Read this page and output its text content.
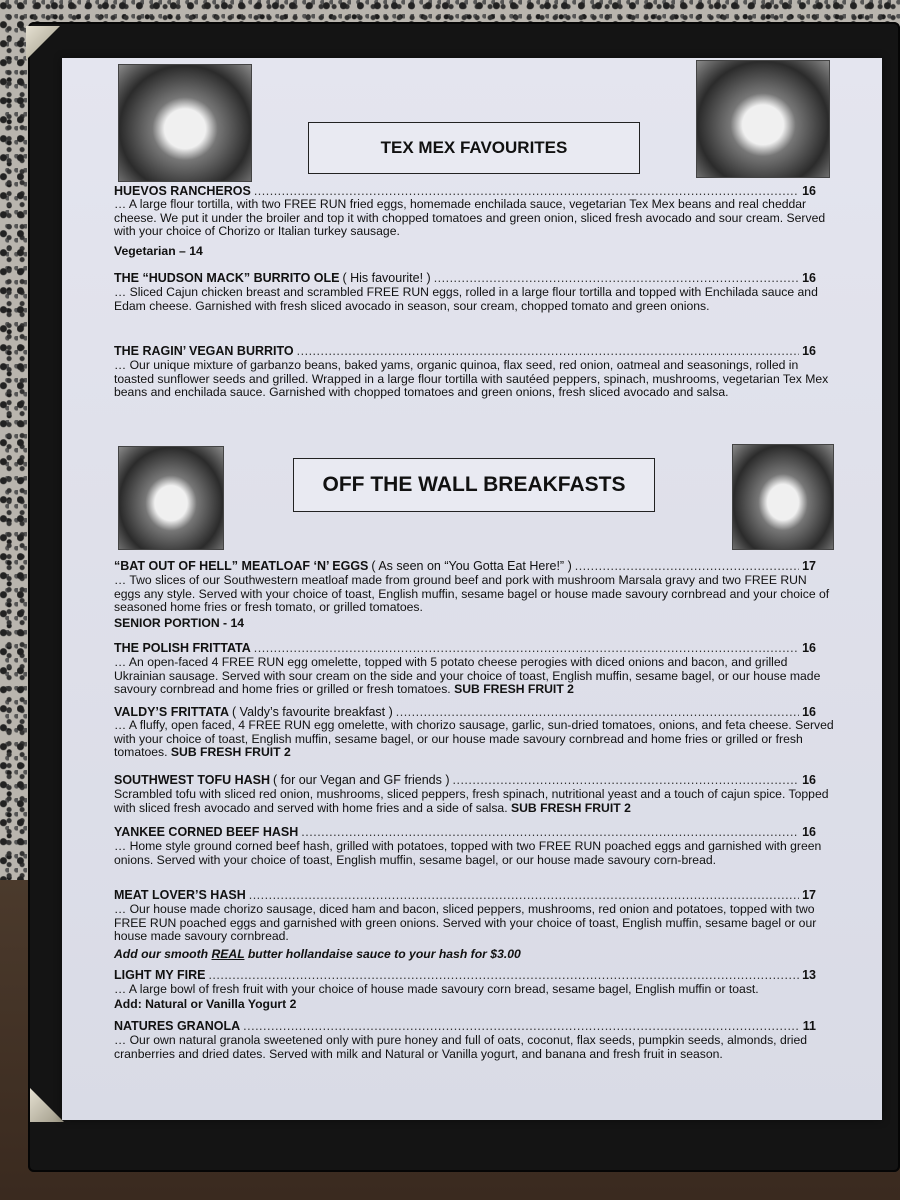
TEX MEX FAVOURITES
HUEVOS RANCHEROS .....	16
… A large flour tortilla, with two FREE RUN fried eggs, homemade enchilada sauce, vegetarian Tex Mex beans and real cheddar cheese. We put it under the broiler and top it with chopped tomatoes and green onion, sliced fresh avocado and sour cream. Served with your choice of Chorizo or Italian turkey sausage.
Vegetarian – 14
THE “HUDSON MACK” BURRITO OLE ( His favourite! ) .....	16
… Sliced Cajun chicken breast and scrambled FREE RUN eggs, rolled in a large flour tortilla and topped with Enchilada sauce and Edam cheese. Garnished with fresh sliced avocado in season, sour cream, chopped tomato and green onions.
THE RAGIN’ VEGAN BURRITO .....	16
… Our unique mixture of garbanzo beans, baked yams, organic quinoa, flax seed, red onion, oatmeal and seasonings, rolled in toasted sunflower seeds and grilled. Wrapped in a large flour tortilla with sautéed peppers, spinach, mushrooms, vegetarian Tex Mex beans and enchilada sauce. Garnished with chopped tomatoes and green onions, fresh sliced avocado and salsa.
OFF THE WALL BREAKFASTS
“BAT OUT OF HELL” MEATLOAF ‘N’ EGGS ( As seen on “You Gotta Eat Here!” ) .....	17
… Two slices of our Southwestern meatloaf made from ground beef and pork with mushroom Marsala gravy and two FREE RUN eggs any style. Served with your choice of toast, English muffin, sesame bagel or house made savoury cornbread and your choice of seasoned home fries or fresh tomato, or grilled tomatoes.
SENIOR PORTION - 14
THE POLISH FRITTATA .....	16
… An open-faced 4 FREE RUN egg omelette, topped with 5 potato cheese perogies with diced onions and bacon, and grilled Ukrainian sausage. Served with sour cream on the side and your choice of toast, English muffin, sesame bagel, or our house made savoury cornbread and home fries or grilled or fresh tomatoes. SUB FRESH FRUIT 2
VALDY’S FRITTATA ( Valdy’s favourite breakfast ) .....	16
… A fluffy, open faced, 4 FREE RUN egg omelette, with chorizo sausage, garlic, sun-dried tomatoes, onions, and feta cheese. Served with your choice of toast, English muffin, sesame bagel, or our house made savoury cornbread and home fries or grilled or fresh tomatoes. SUB FRESH FRUIT 2
SOUTHWEST TOFU HASH ( for our Vegan and GF friends ) .....	16
Scrambled tofu with sliced red onion, mushrooms, sliced peppers, fresh spinach, nutritional yeast and a touch of cajun spice. Topped with sliced fresh avocado and served with home fries and a side of salsa. SUB FRESH FRUIT 2
YANKEE CORNED BEEF HASH .....	16
… Home style ground corned beef hash, grilled with potatoes, topped with two FREE RUN poached eggs and garnished with green onions. Served with your choice of toast, English muffin, sesame bagel, or our house made savoury corn-bread.
MEAT LOVER’S HASH .....	17
… Our house made chorizo sausage, diced ham and bacon, sliced peppers, mushrooms, red onion and potatoes, topped with two FREE RUN poached eggs and garnished with green onions. Served with your choice of toast, English muffin, sesame bagel or our house made savoury cornbread.
Add our smooth REAL butter hollandaise sauce to your hash for $3.00
LIGHT MY FIRE .....	13
… A large bowl of fresh fruit with your choice of house made savoury corn bread, sesame bagel, English muffin or toast.
Add: Natural or Vanilla Yogurt 2
NATURES GRANOLA .....	11
… Our own natural granola sweetened only with pure honey and full of oats, coconut, flax seeds, pumpkin seeds, almonds, dried cranberries and dried dates. Served with milk and Natural or Vanilla yogurt, and banana and fresh fruit in season.
